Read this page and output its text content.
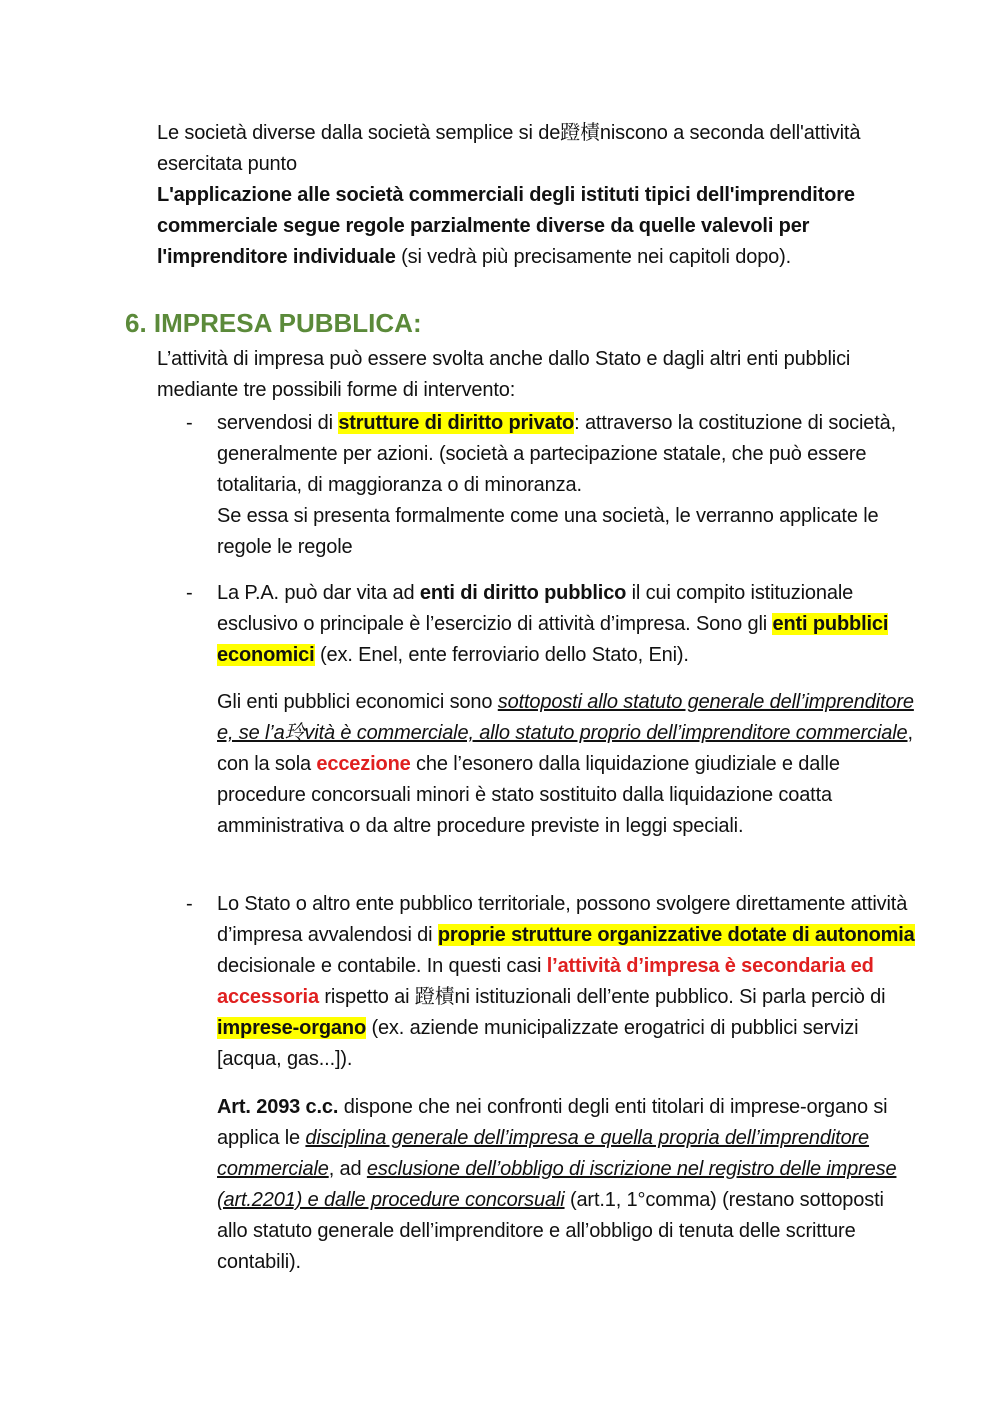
Le società diverse dalla società semplice si de蹬樍niscono a seconda dell'attività esercitata punto

L'applicazione alle società commerciali degli istituti tipici dell'imprenditore commerciale segue regole parzialmente diverse da quelle valevoli per l'imprenditore individuale (si vedrà più precisamente nei capitoli dopo).

6. IMPRESA PUBBLICA:

L’attività di impresa può essere svolta anche dallo Stato e dagli altri enti pubblici mediante tre possibili forme di intervento:

- servendosi di strutture di diritto privato: attraverso la costituzione di società, generalmente per azioni. (società a partecipazione statale, che può essere totalitaria, di maggioranza o di minoranza.

Se essa si presenta formalmente come una società, le verranno applicate le regole le regole

- La P.A. può dar vita ad enti di diritto pubblico il cui compito istituzionale esclusivo o principale è l’esercizio di attività d’impresa. Sono gli enti pubblici economici (ex. Enel, ente ferroviario dello Stato, Eni).

Gli enti pubblici economici sono sottoposti allo statuto generale dell’imprenditore e, se l’a玲vità è commerciale, allo statuto proprio dell’imprenditore commerciale, con la sola eccezione che l’esonero dalla liquidazione giudiziale e dalle procedure concorsuali minori è stato sostituito dalla liquidazione coatta amministrativa o da altre procedure previste in leggi speciali.

- Lo Stato o altro ente pubblico territoriale, possono svolgere direttamente attività d’impresa avvalendosi di proprie strutture organizzative dotate di autonomia decisionale e contabile. In questi casi l’attività d’impresa è secondaria ed accessoria rispetto ai 蹬樍ni istituzionali dell’ente pubblico. Si parla perciò di imprese-organo (ex. aziende municipalizzate erogatrici di pubblici servizi [acqua, gas...]).

Art. 2093 c.c. dispone che nei confronti degli enti titolari di imprese-organo si applica le disciplina generale dell’impresa e quella propria dell’imprenditore commerciale, ad esclusione dell’obbligo di iscrizione nel registro delle imprese (art.2201) e dalle procedure concorsuali (art.1, 1°comma) (restano sottoposti allo statuto generale dell’imprenditore e all’obbligo di tenuta delle scritture contabili).
